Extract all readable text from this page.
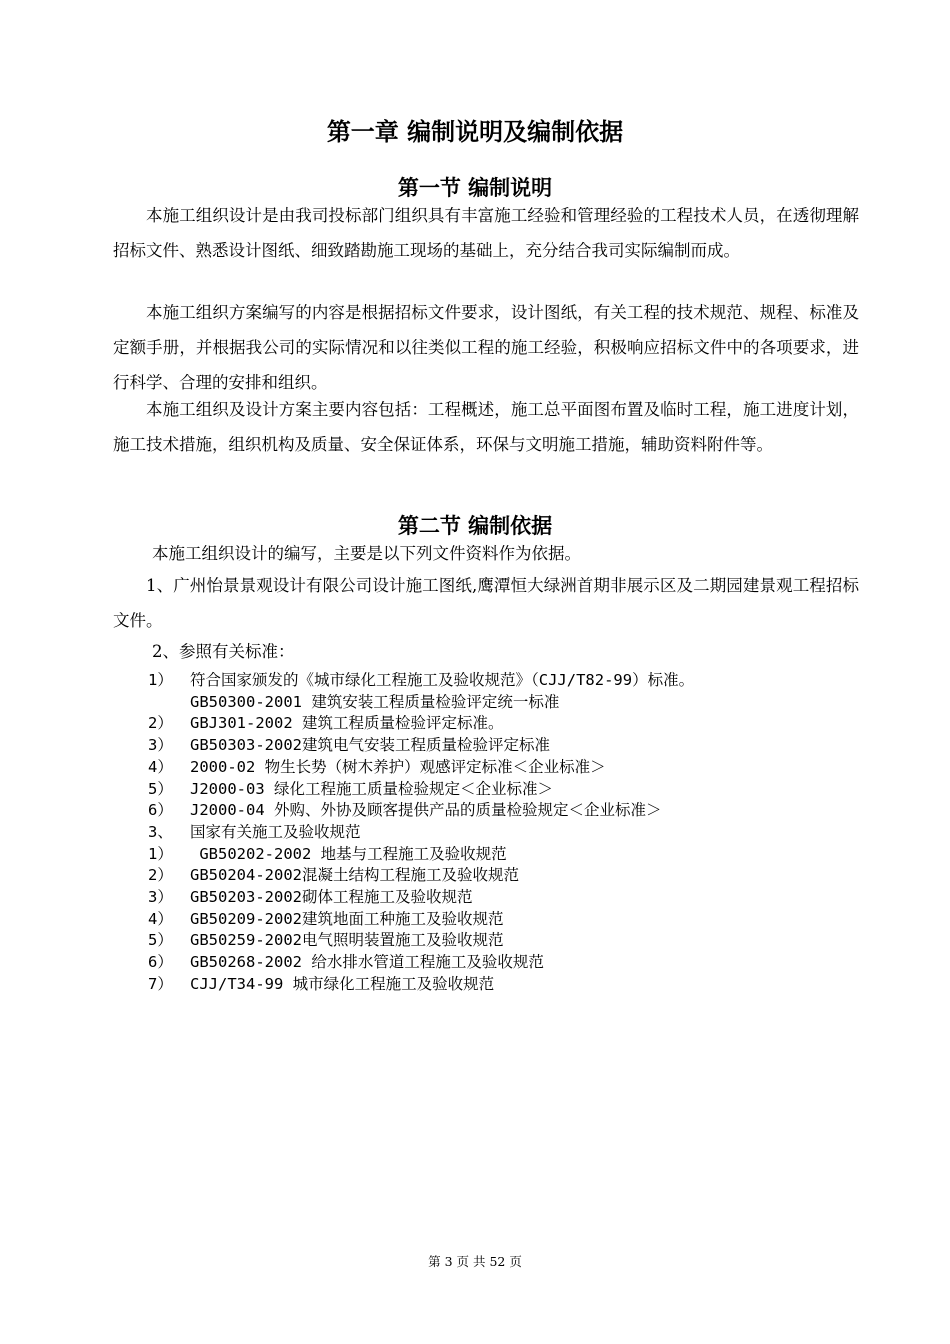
第一章 编制说明及编制依据
第一节 编制说明

本施工组织设计是由我司投标部门组织具有丰富施工经验和管理经验的工程技术人员，在透彻理解招标文件、熟悉设计图纸、细致踏勘施工现场的基础上，充分结合我司实际编制而成。

本施工组织方案编写的内容是根据招标文件要求，设计图纸，有关工程的技术规范、规程、标准及定额手册，并根据我公司的实际情况和以往类似工程的施工经验，积极响应招标文件中的各项要求，进行科学、合理的安排和组织。

本施工组织及设计方案主要内容包括：工程概述，施工总平面图布置及临时工程，施工进度计划，施工技术措施，组织机构及质量、安全保证体系，环保与文明施工措施，辅助资料附件等。

第二节 编制依据

本施工组织设计的编写，主要是以下列文件资料作为依据。

1、广州怡景景观设计有限公司设计施工图纸,鹰潭恒大绿洲首期非展示区及二期园建景观工程招标文件。

2、参照有关标准：

1） 符合国家颁发的《城市绿化工程施工及验收规范》（CJJ/T82-99）标准。
GB50300-2001 建筑安装工程质量检验评定统一标准
2） GBJ301-2002 建筑工程质量检验评定标准。
3） GB50303-2002建筑电气安装工程质量检验评定标准
4） 2000-02 物生长势（树木养护）观感评定标准＜企业标准＞
5） J2000-03 绿化工程施工质量检验规定＜企业标准＞
6） J2000-04 外购、外协及顾客提供产品的质量检验规定＜企业标准＞
3、 国家有关施工及验收规范
1） GB50202-2002 地基与工程施工及验收规范
2） GB50204-2002混凝土结构工程施工及验收规范
3） GB50203-2002砌体工程施工及验收规范
4） GB50209-2002建筑地面工种施工及验收规范
5） GB50259-2002电气照明装置施工及验收规范
6） GB50268-2002 给水排水管道工程施工及验收规范
7） CJJ/T34-99 城市绿化工程施工及验收规范
第 3 页 共 52 页
